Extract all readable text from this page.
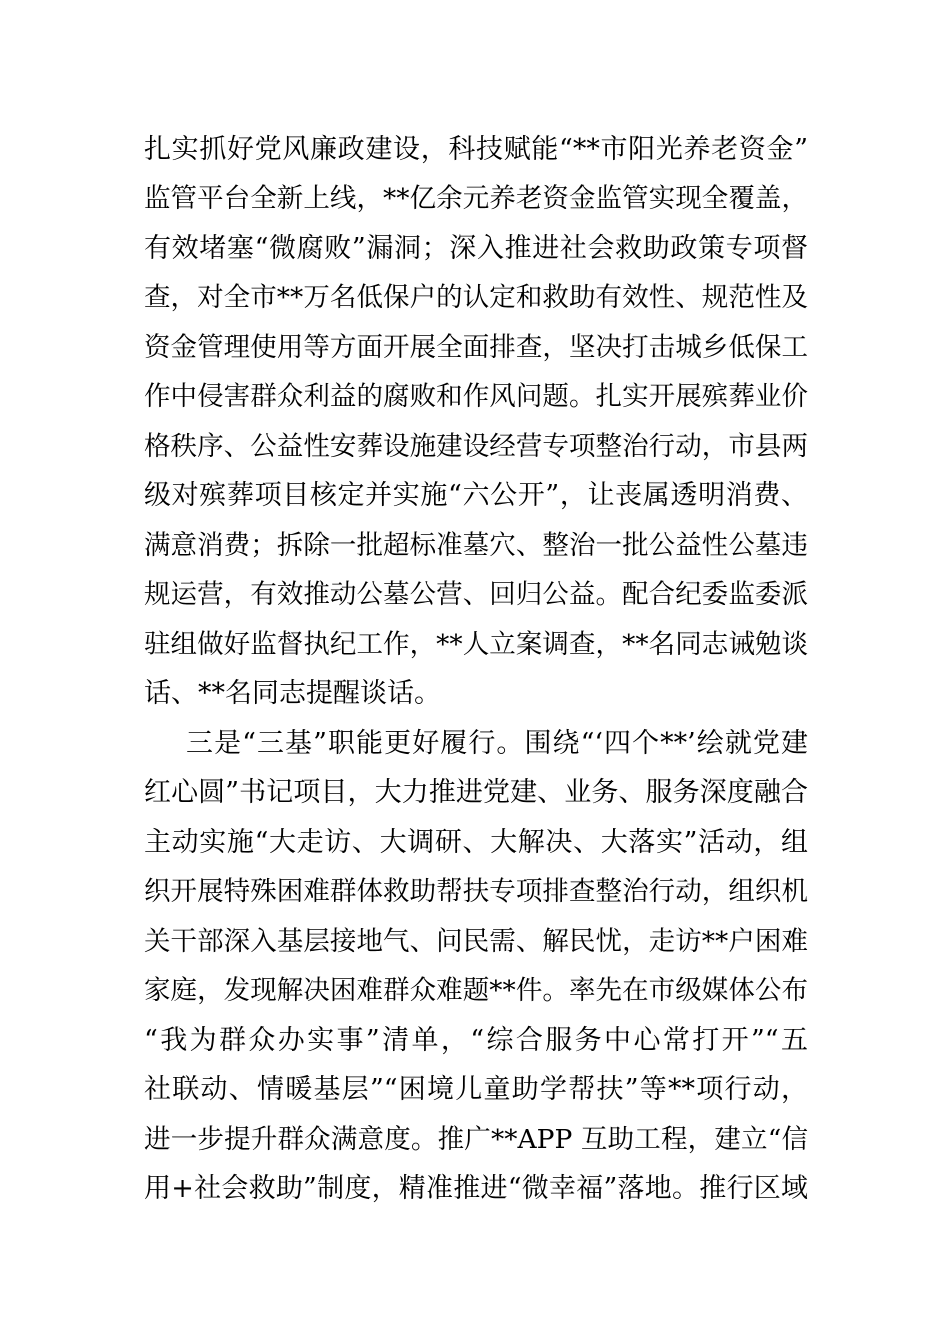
扎实抓好党风廉政建设，科技赋能“**市阳光养老资金”
监管平台全新上线，**亿余元养老资金监管实现全覆盖，
有效堵塞“微腐败”漏洞；深入推进社会救助政策专项督
查，对全市**万名低保户的认定和救助有效性、规范性及
资金管理使用等方面开展全面排查，坚决打击城乡低保工
作中侵害群众利益的腐败和作风问题。扎实开展殡葬业价
格秩序、公益性安葬设施建设经营专项整治行动，市县两
级对殡葬项目核定并实施“六公开”，让丧属透明消费、
满意消费；拆除一批超标准墓穴、整治一批公益性公墓违
规运营，有效推动公墓公营、回归公益。配合纪委监委派
驻组做好监督执纪工作，**人立案调查，**名同志诫勉谈
话、**名同志提醒谈话。
三是“三基”职能更好履行。围绕“‘四个**’绘就党建
红心圆”书记项目，大力推进党建、业务、服务深度融合
主动实施“大走访、大调研、大解决、大落实”活动，组
织开展特殊困难群体救助帮扶专项排查整治行动，组织机
关干部深入基层接地气、问民需、解民忧，走访**户困难
家庭，发现解决困难群众难题**件。率先在市级媒体公布
“我为群众办实事”清单，“综合服务中心常打开”“五
社联动、情暖基层”“困境儿童助学帮扶”等**项行动，
进一步提升群众满意度。推广**APP 互助工程，建立“信
用+社会救助”制度，精准推进“微幸福”落地。推行区域
